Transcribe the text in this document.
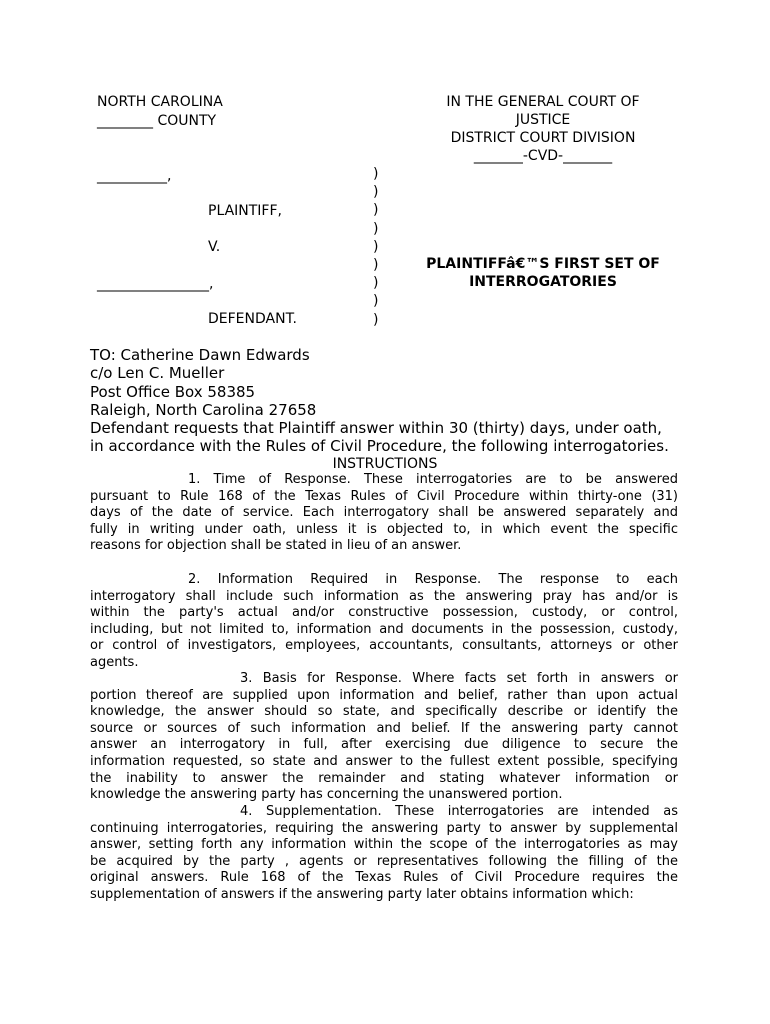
NORTH CAROLINA
________ COUNTY
IN THE GENERAL COURT OF
JUSTICE
DISTRICT COURT DIVISION
_______-CVD-_______
__________,
PLAINTIFF,
V.
________________,
DEFENDANT.
)
)
)
)
)
)
)
)
)
PLAINTIFFâ€™S FIRST SET OF
INTERROGATORIES
TO: Catherine Dawn Edwards
c/o Len C. Mueller
Post Office Box 58385
Raleigh, North Carolina 27658
Defendant requests that Plaintiff answer within 30 (thirty) days, under oath,
in accordance with the Rules of Civil Procedure, the following interrogatories.
INSTRUCTIONS
1. Time of Response. These interrogatories are to be answered
pursuant to Rule 168 of the Texas Rules of Civil Procedure within thirty-one (31)
days of the date of service. Each interrogatory shall be answered separately and
fully in writing under oath, unless it is objected to, in which event the specific
reasons for objection shall be stated in lieu of an answer.
2. Information Required in Response. The response to each
interrogatory shall include such information as the answering pray has and/or is
within the party's actual and/or constructive possession, custody, or control,
including, but not limited to, information and documents in the possession, custody,
or control of investigators, employees, accountants, consultants, attorneys or other
agents.
3. Basis for Response. Where facts set forth in answers or
portion thereof are supplied upon information and belief, rather than upon actual
knowledge, the answer should so state, and specifically describe or identify the
source or sources of such information and belief. If the answering party cannot
answer an interrogatory in full, after exercising due diligence to secure the
information requested, so state and answer to the fullest extent possible, specifying
the inability to answer the remainder and stating whatever information or
knowledge the answering party has concerning the unanswered portion.
4. Supplementation. These interrogatories are intended as
continuing interrogatories, requiring the answering party to answer by supplemental
answer, setting forth any information within the scope of the interrogatories as may
be acquired by the party , agents or representatives following the filling of the
original answers. Rule 168 of the Texas Rules of Civil Procedure requires the
supplementation of answers if the answering party later obtains information which:
